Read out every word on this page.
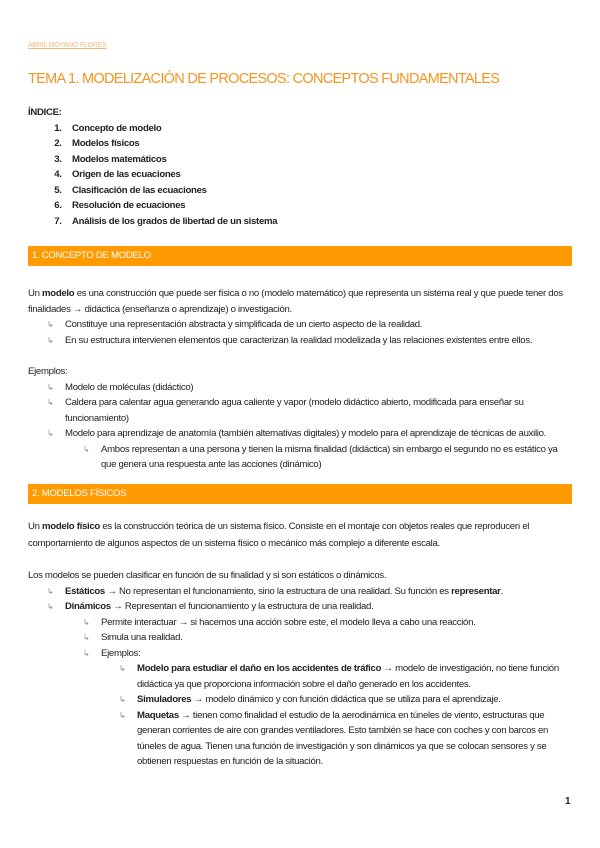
ABRIL MOYANO FLORES
TEMA 1. MODELIZACIÓN DE PROCESOS: CONCEPTOS FUNDAMENTALES
ÍNDICE:
1. Concepto de modelo
2. Modelos físicos
3. Modelos matemáticos
4. Origen de las ecuaciones
5. Clasificación de las ecuaciones
6. Resolución de ecuaciones
7. Análisis de los grados de libertad de un sistema
1. CONCEPTO DE MODELO

Un modelo es una construcción que puede ser física o no (modelo matemático) que representa un sistema real y que puede tener dos finalidades → didáctica (enseñanza o aprendizaje) o investigación.

↳ Constituye una representación abstracta y simplificada de un cierto aspecto de la realidad.
↳ En su estructura intervienen elementos que caracterizan la realidad modelizada y las relaciones existentes entre ellos.

Ejemplos:

↳ Modelo de moléculas (didáctico)
↳ Caldera para calentar agua generando agua caliente y vapor (modelo didáctico abierto, modificada para enseñar su funcionamiento)
↳ Modelo para aprendizaje de anatomía (también alternativas digitales) y modelo para el aprendizaje de técnicas de auxilio.
↳ Ambos representan a una persona y tienen la misma finalidad (didáctica) sin embargo el segundo no es estático ya que genera una respuesta ante las acciones (dinámico)
2. MODELOS FÍSICOS

Un modelo físico es la construcción teórica de un sistema físico. Consiste en el montaje con objetos reales que reproducen el comportamiento de algunos aspectos de un sistema físico o mecánico más complejo a diferente escala.

Los modelos se pueden clasificar en función de su finalidad y si son estáticos o dinámicos.

↳ Estáticos → No representan el funcionamiento, sino la estructura de una realidad. Su función es representar.
↳ Dinámicos → Representan el funcionamiento y la estructura de una realidad.
↳ Permite interactuar → si hacemos una acción sobre este, el modelo lleva a cabo una reacción.
↳ Simula una realidad.
↳ Ejemplos:
↳ Modelo para estudiar el daño en los accidentes de tráfico → modelo de investigación, no tiene función didáctica ya que proporciona información sobre el daño generado en los accidentes.
↳ Simuladores → modelo dinámico y con función didáctica que se utiliza para el aprendizaje.
↳ Maquetas → tienen como finalidad el estudio de la aerodinámica en túneles de viento, estructuras que generan corrientes de aire con grandes ventiladores. Esto también se hace con coches y con barcos en túneles de agua. Tienen una función de investigación y son dinámicos ya que se colocan sensores y se obtienen respuestas en función de la situación.
1
